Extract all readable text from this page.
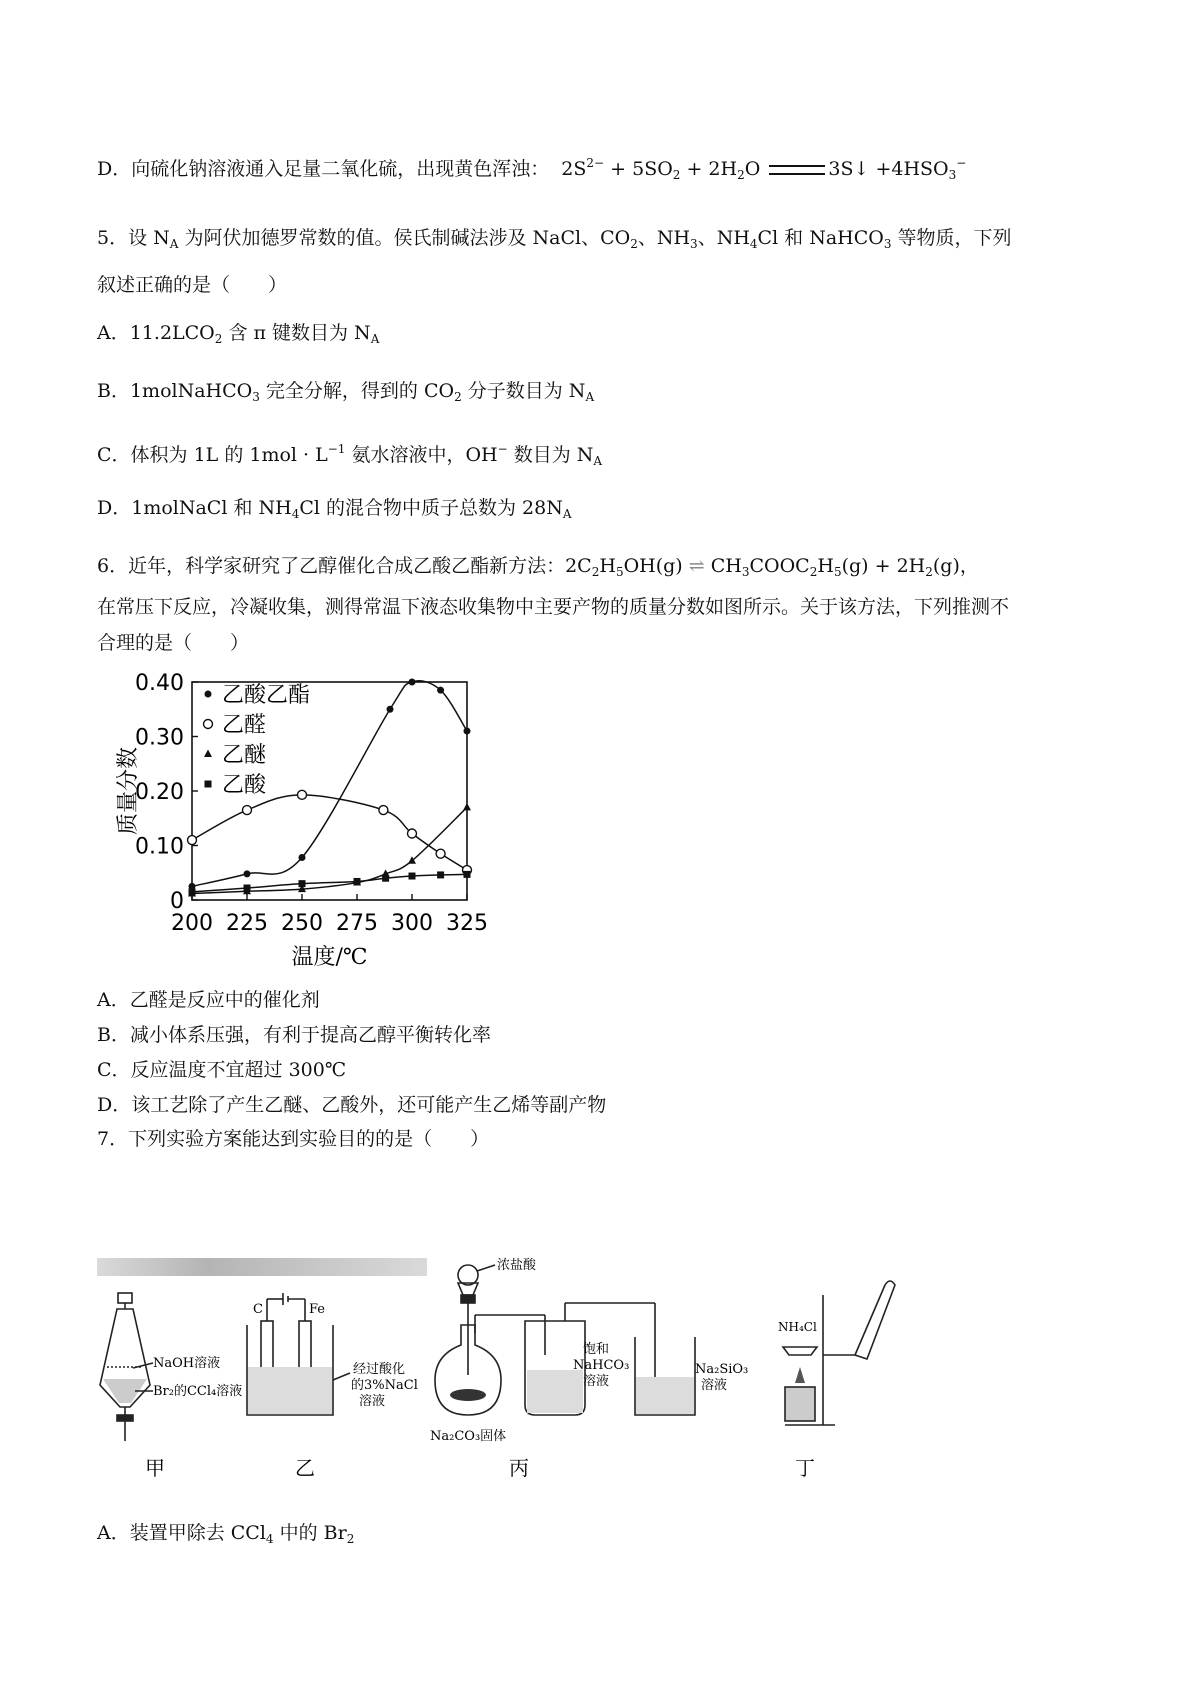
D．向硫化钠溶液通入足量二氧化硫，出现黄色浑浊： $2S^{2-} + 5SO_2 + 2H_2O$	3S↓ $+4HSO_3^-$
5．设 $N_A$ 为阿伏加德罗常数的值。侯氏制碱法涉及 NaCl、$CO_2$、$NH_3$、$NH_4Cl$ 和 NaHCO$_3$ 等物质，下列
叙述正确的是（　　）
A．$11.2LCO_2$ 含 π 键数目为 $N_A$
B．1molNaHCO$_3$ 完全分解，得到的 $CO_2$ 分子数目为 $N_A$
C．体积为 1L 的 $1mol \cdot L^{-1}$ 氨水溶液中，OH− 数目为 $N_A$
D．1molNaCl 和 $NH_4Cl$ 的混合物中质子总数为 $28N_A$
6．近年，科学家研究了乙醇催化合成乙酸乙酯新方法：$2C_2H_5OH(g)$ ⇌ $CH_3COOC_2H_5(g) + 2H_2(g)$，
在常压下反应，冷凝收集，测得常温下液态收集物中主要产物的质量分数如图所示。关于该方法，下列推测不
合理的是（　　）
0
0.10
0.20
0.30
0.40
200 225 250 275 300 325
温度/℃
质量分数
乙酸乙酯
乙醛
乙醚
乙酸
A．乙醛是反应中的催化剂
B．减小体系压强，有利于提高乙醇平衡转化率
C．反应温度不宜超过 300℃
D．该工艺除了产生乙醚、乙酸外，还可能产生乙烯等副产物
7．下列实验方案能达到实验目的的是（　　）
NaOH溶液
Br₂的CCl₄溶液
C	Fe
经过酸化
的3%NaCl
溶液
浓盐酸
饱和
NaHCO₃
溶液
Na₂SiO₃
溶液
Na₂CO₃固体
NH₄Cl
甲	乙	丙	丁
A．装置甲除去 CCl$_4$ 中的 $Br_2$
